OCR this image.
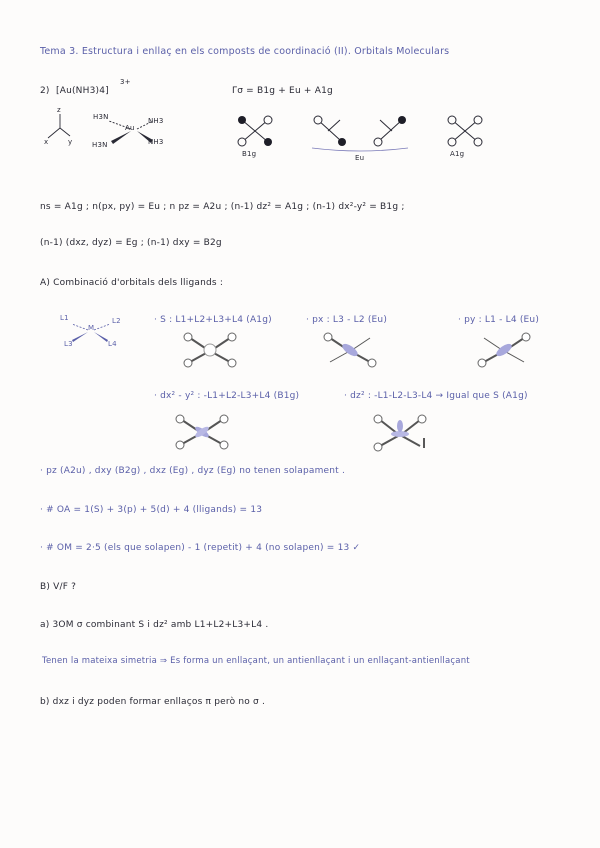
Tema 3. Estructura i enllaç en els composts de coordinació (II). Orbitals Moleculars
2) [Au(NH3)4]
3+
z
x	y
H3N	NH3
H3N	NH3
Au
Γσ = B1g + Eu + A1g
B1g	Eu	A1g
ns = A1g ; n(px, py) = Eu ; n pz = A2u ; (n-1) dz² = A1g ; (n-1) dx²-y² = B1g ;
(n-1) (dxz, dyz) = Eg ; (n-1) dxy = B2g
A) Combinació d'orbitals dels lligands :
L1	L2
L3	L4
M
· S : L1+L2+L3+L4 (A1g)	· px : L3 - L2 (Eu)	· py : L1 - L4 (Eu)
· dx² - y² : -L1+L2-L3+L4 (B1g)	· dz² : -L1-L2-L3-L4 → Igual que S (A1g)
· pz (A2u) , dxy (B2g) , dxz (Eg) , dyz (Eg) no tenen solapament .
· # OA = 1(S) + 3(p) + 5(d) + 4 (lligands) = 13
· # OM = 2·5 (els que solapen) - 1 (repetit) + 4 (no solapen) = 13 ✓
B) V/F ?
a) 3OM σ combinant S i dz² amb L1+L2+L3+L4 .
Tenen la mateixa simetria ⇒ Es forma un enllaçant, un antienllaçant i un enllaçant-antienllaçant
b) dxz i dyz poden formar enllaços π però no σ .
